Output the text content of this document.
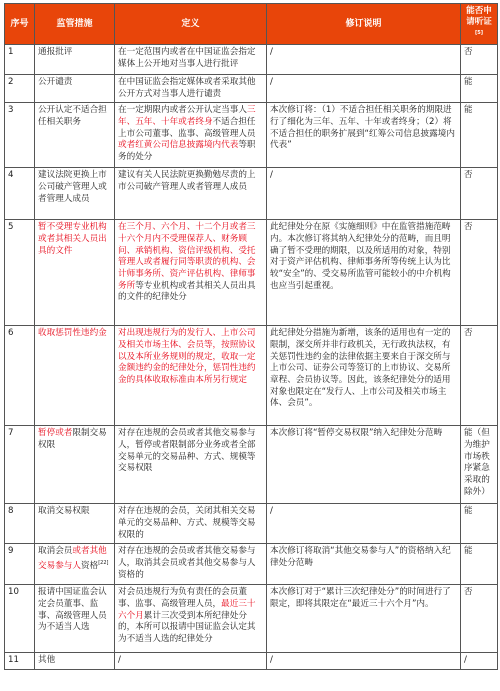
序号	监管措施	定义	修订说明	能否申请听证[5]
1	通报批评	在一定范围内或者在中国证监会指定媒体上公开地对当事人进行批评	/	否
2	公开谴责	在中国证监会指定媒体或者采取其他公开方式对当事人进行谴责	/	能
3	公开认定不适合担任相关职务	在一定期限内或者公开认定当事人三年、五年、十年或者终身不适合担任上市公司董事、监事、高级管理人员或者红黄公司信息披露境内代表等职务的处分	本次修订将：（1）不适合担任相关职务的期限进行了细化为三年、五年、十年或者终身；（2）将不适合担任的职务扩展到“红筹公司信息披露境内代表”	能
4	建议法院更换上市公司破产管理人或者管理人成员	建议有关人民法院更换勤勉尽责的上市公司破产管理人或者管理人成员	/	否
5	暂不受理专业机构或者其相关人员出具的文件	在三个月、六个月、十二个月或者三十六个月内不受理保荐人、财务顾问、承销机构、资信评级机构、受托管理人或者履行同等职责的机构、会计师事务所、资产评估机构、律师事务所等专业机构或者其相关人员出具的文件的纪律处分	此纪律处分在原《实施细则》中在监管措施范畴内。本次修订将其纳入纪律处分的范畴，而且明确了暂不受理的期限，以及所适用的对象，特别对于资产评估机构、律师事务所等传统上认为比较“安全”的、受交易所监管可能较小的中介机构也应当引起重视。	否
6	收取惩罚性违约金	对出现违规行为的发行人、上市公司及相关市场主体、会员等，按照协议以及本所业务规则的规定，收取一定金额违约金的纪律处分，惩罚性违约金的具体收取标准由本所另行规定	此纪律处分措施为新增，该条的适用也有一定的限制，深交所并非行政机关，无行政执法权，有关惩罚性违约金的法律依据主要来自于深交所与上市公司、证券公司等签订的上市协议、交易所章程、会员协议等。因此，该条纪律处分的适用对象也限定在“发行人、上市公司及相关市场主体、会员”。	否
7	暂停或者限制交易权限	对存在违规的会员或者其他交易参与人，暂停或者限制部分业务或者全部交易单元的交易品种、方式、规模等交易权限	本次修订将“暂停交易权限”纳入纪律处分范畴	能（但为维护市场秩序紧急采取的除外）
8	取消交易权限	对存在违规的会员，关闭其相关交易单元的交易品种、方式、规模等交易权限的	/	能
9	取消会员或者其他交易参与人资格[22]	对存在违规的会员或者其他交易参与人，取消其会员或者其他交易参与人资格的	本次修订将取消“其他交易参与人”的资格纳入纪律处分范畴	能
10	报请中国证监会认定会员董事、监事、高级管理人员为不适当人选	对会员违规行为负有责任的会员董事、监事、高级管理人员，最近三十六个月累计三次受到本所纪律处分的，本所可以报请中国证监会认定其为不适当人选的纪律处分	本次修订对于“累计三次纪律处分”的时间进行了限定，即将其限定在“最近三十六个月”内。	否
11	其他	/	/	/
